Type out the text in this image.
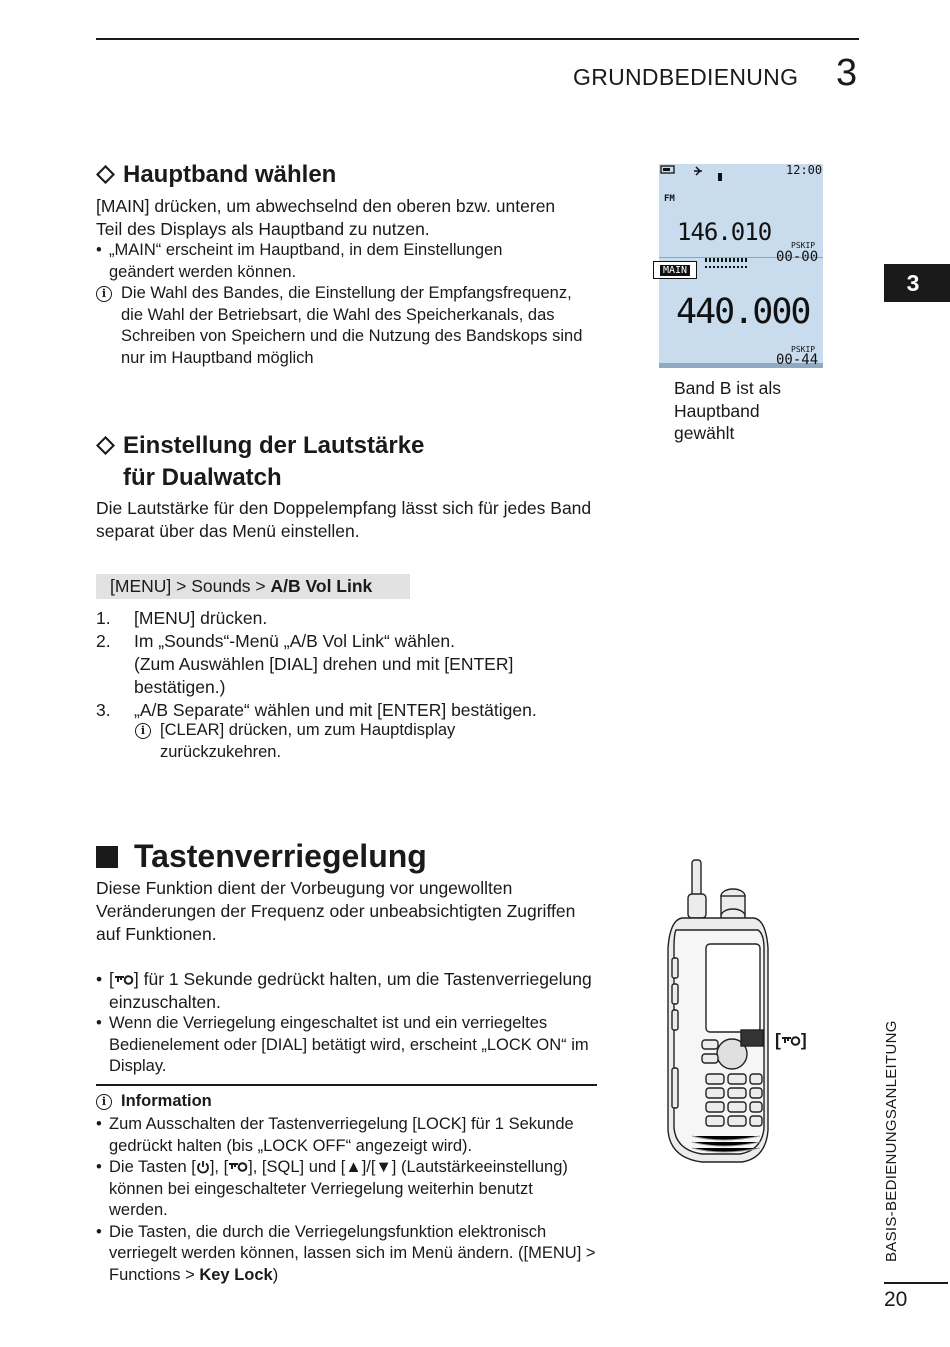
GRUNDBEDIENUNG 3
3
BASIS-BEDIENUNGSANLEITUNG
20
Hauptband wählen
[MAIN] drücken, um abwechselnd den oberen bzw. unteren Teil des Displays als Hauptband zu nutzen.
• „MAIN“ erscheint im Hauptband, in dem Einstellungen geändert werden können.
i Die Wahl des Bandes, die Einstellung der Empfangsfrequenz, die Wahl der Betriebsart, die Wahl des Speicherkanals, das Schreiben von Speichern und die Nutzung des Bandskops sind nur im Hauptband möglich
12:00
FM
146.010 PSKIP
00-00
440.000
PSKIP
00-44
MAIN
Band B ist als Hauptband gewählt
Einstellung der Lautstärke
für Dualwatch
Die Lautstärke für den Doppelempfang lässt sich für jedes Band separat über das Menü einstellen.
[MENU] > Sounds > A/B Vol Link
1.	[MENU] drücken.
2.	Im „Sounds“-Menü „A/B Vol Link“ wählen.
(Zum Auswählen [DIAL] drehen und mit [ENTER] bestätigen.)
3.	„A/B Separate“ wählen und mit [ENTER] bestätigen.
i [CLEAR] drücken, um zum Hauptdisplay zurückzukehren.
Tastenverriegelung
Diese Funktion dient der Vorbeugung vor ungewollten Veränderungen der Frequenz oder unbeabsichtigten Zugriffen auf Funktionen.
• [ ] für 1 Sekunde gedrückt halten, um die Tastenverriegelung einzuschalten.
• Wenn die Verriegelung eingeschaltet ist und ein verriegeltes Bedienelement oder [DIAL] betätigt wird, erscheint „LOCK ON“ im Display.
i Information
• Zum Ausschalten der Tastenverriegelung [LOCK] für 1 Sekunde gedrückt halten (bis „LOCK OFF“ angezeigt wird).
• Die Tasten [ ], [ ], [SQL] und [▲]/[▼] (Lautstärkeeinstellung) können bei eingeschalteter Verriegelung weiterhin benutzt werden.
• Die Tasten, die durch die Verriegelungsfunktion elektronisch verriegelt werden können, lassen sich im Menü ändern. ([MENU] > Functions > Key Lock)
[ ]
